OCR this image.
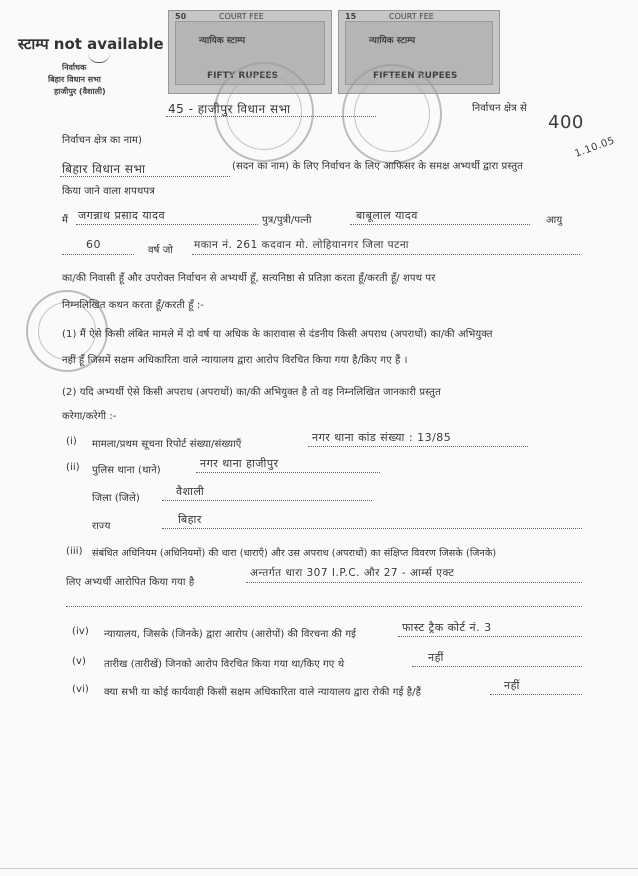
स्टाम्प not available
निर्वाचक
बिहार विधान सभा
हाजीपुर (वैशाली)
50	COURT FEE
न्यायिक स्टाम्प
FIFTY RUPEES
15	COURT FEE
न्यायिक स्टाम्प
FIFTEEN RUPEES
400
1.10.05
45 - हाजीपुर विधान सभा	निर्वाचन क्षेत्र से
निर्वाचन क्षेत्र का नाम)
बिहार विधान सभा	(सदन का नाम) के लिए निर्वाचन के लिए आफिसर के समक्ष अभ्यर्थी द्वारा प्रस्तुत
किया जाने वाला शपथपत्र
मैं जगन्नाथ प्रसाद यादव	पुत्र/पुत्री/पत्नी	बाबूलाल यादव	आयु
60	वर्ष जो मकान नं. 261 कदवान मो. लोहियानगर जिला पटना
का/की निवासी हूँ और उपरोक्त निर्वाचन से अभ्यर्थी हूँ, सत्यनिष्ठा से प्रतिज्ञा करता हूँ/करती हूँ/ शपथ पर
निम्नलिखित कथन करता हूँ/करती हूँ :-
(1) मैं ऐसे किसी लंबित मामले में दो वर्ष या अधिक के कारावास से दंडनीय किसी अपराध (अपराधों) का/की अभियुक्त
नहीं हूँ जिसमें सक्षम अधिकारिता वाले न्यायालय द्वारा आरोप विरचित किया गया है/किए गए हैं ।
(2) यदि अभ्यर्थी ऐसे किसी अपराध (अपराधों) का/की अभियुक्त है तो वह निम्नलिखित जानकारी प्रस्तुत
करेगा/करेगी :-
(i) मामला/प्रथम सूचना रिपोर्ट संख्या/संख्याएँ
नगर थाना कांड संख्या : 13/85
(ii) पुलिस थाना (थाने)
नगर थाना हाजीपुर
जिला (जिले)
वैशाली
राज्य
बिहार
(iii) संबंधित अधिनियम (अधिनियमों) की धारा (धाराएँ) और उस अपराध (अपराधों) का संक्षिप्त विवरण जिसके (जिनके)
लिए अभ्यर्थी आरोपित किया गया है
अन्तर्गत धारा 307 I.P.C. और 27 - आर्म्स एक्ट
(iv) न्यायालय, जिसके (जिनके) द्वारा आरोप (आरोपों) की विरचना की गई
फास्ट ट्रैक कोर्ट नं. 3
(v) तारीख (तारीखें) जिनको आरोप विरचित किया गया था/किए गए थे
नहीं
(vi) क्या सभी या कोई कार्यवाही किसी सक्षम अधिकारिता वाले न्यायालय द्वारा रोकी गई है/हैं
नहीं
